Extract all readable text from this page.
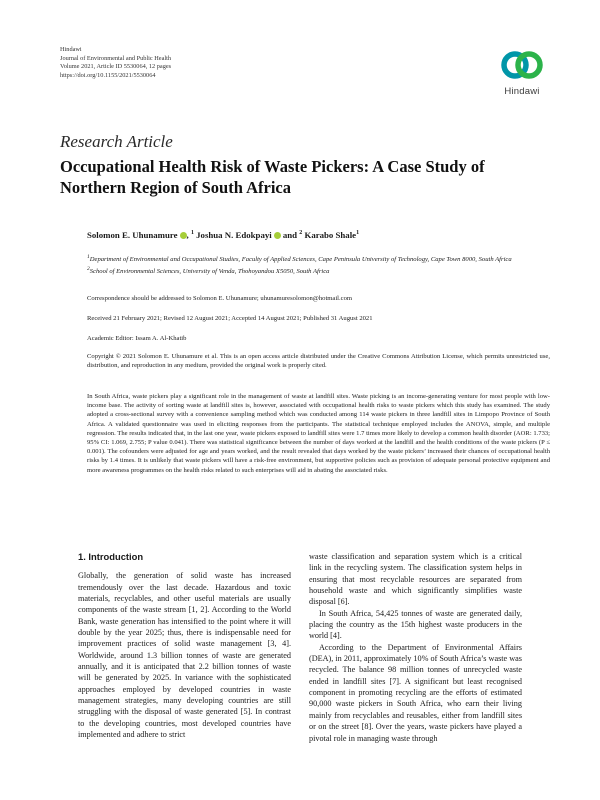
Hindawi
Journal of Environmental and Public Health
Volume 2021, Article ID 5530064, 12 pages
https://doi.org/10.1155/2021/5530064
Hindawi
Research Article
Occupational Health Risk of Waste Pickers: A Case Study of Northern Region of South Africa
Solomon E. Uhunamure , $^1$ Joshua N. Edokpayi and $^2$ Karabo Shale$^1$

$^1$Department of Environmental and Occupational Studies, Faculty of Applied Sciences, Cape Peninsula University of Technology, Cape Town 8000, South Africa

$^2$School of Environmental Sciences, University of Venda, Thohoyandou X5050, South Africa

Correspondence should be addressed to Solomon E. Uhunamure; uhunamuresolomon@hotmail.com
Received 21 February 2021; Revised 12 August 2021; Accepted 14 August 2021; Published 31 August 2021
Academic Editor: Issam A. Al-Khatib
Copyright © 2021 Solomon E. Uhunamure et al. This is an open access article distributed under the Creative Commons Attribution License, which permits unrestricted use, distribution, and reproduction in any medium, provided the original work is properly cited.
In South Africa, waste pickers play a significant role in the management of waste at landfill sites. Waste picking is an income-generating venture for most people with low-income base. The activity of sorting waste at landfill sites is, however, associated with occupational health risks to waste pickers which this study has examined. The study adopted a cross-sectional survey with a convenience sampling method which was conducted among 114 waste pickers in three landfill sites in Limpopo Province of South Africa. A validated questionnaire was used in eliciting responses from the participants. The statistical technique employed includes the ANOVA, simple, and multiple regression. The results indicated that, in the last one year, waste pickers exposed to landfill sites were 1.7 times more likely to develop a common health disorder (AOR: 1.733; 95% CI: 1.069, 2.755; P value 0.041). There was statistical significance between the number of days worked at the landfill and the health conditions of the waste pickers (P ≤ 0.001). The cofounders were adjusted for age and years worked, and the result revealed that days worked by the waste pickers’ increased their chances of occupational health risks by 1.4 times. It is unlikely that waste pickers will have a risk-free environment, but supportive policies such as provision of adequate personal protective equipment and more awareness programmes on the health risks related to such enterprises will aid in abating the associated risks.
1. Introduction

Globally, the generation of solid waste has increased tremendously over the last decade. Hazardous and toxic materials, recyclables, and other useful materials are usually components of the waste stream [1, 2]. According to the World Bank, waste generation has intensified to the point where it will double by the year 2025; thus, there is indispensable need for improvement practices of solid waste management [3, 4]. Worldwide, around 1.3 billion tonnes of waste are generated annually, and it is anticipated that 2.2 billion tonnes of waste will be generated by 2025. In variance with the sophisticated approaches employed by developed countries in waste management strategies, many developing countries are still struggling with the disposal of waste generated [5]. In contrast to the developing countries, most developed countries have implemented and adhere to strict

waste classification and separation system which is a critical link in the recycling system. The classification system helps in ensuring that most recyclable resources are separated from household waste and which significantly simplifies waste disposal [6].

In South Africa, 54,425 tonnes of waste are generated daily, placing the country as the 15th highest waste producers in the world [4].

According to the Department of Environmental Affairs (DEA), in 2011, approximately 10% of South Africa’s waste was recycled. The balance 98 million tonnes of unrecycled waste ended in landfill sites [7]. A significant but least recognised component in promoting recycling are the efforts of estimated 90,000 waste pickers in South Africa, who earn their living mainly from recyclables and reusables, either from landfill sites or on the street [8]. Over the years, waste pickers have played a pivotal role in managing waste through
